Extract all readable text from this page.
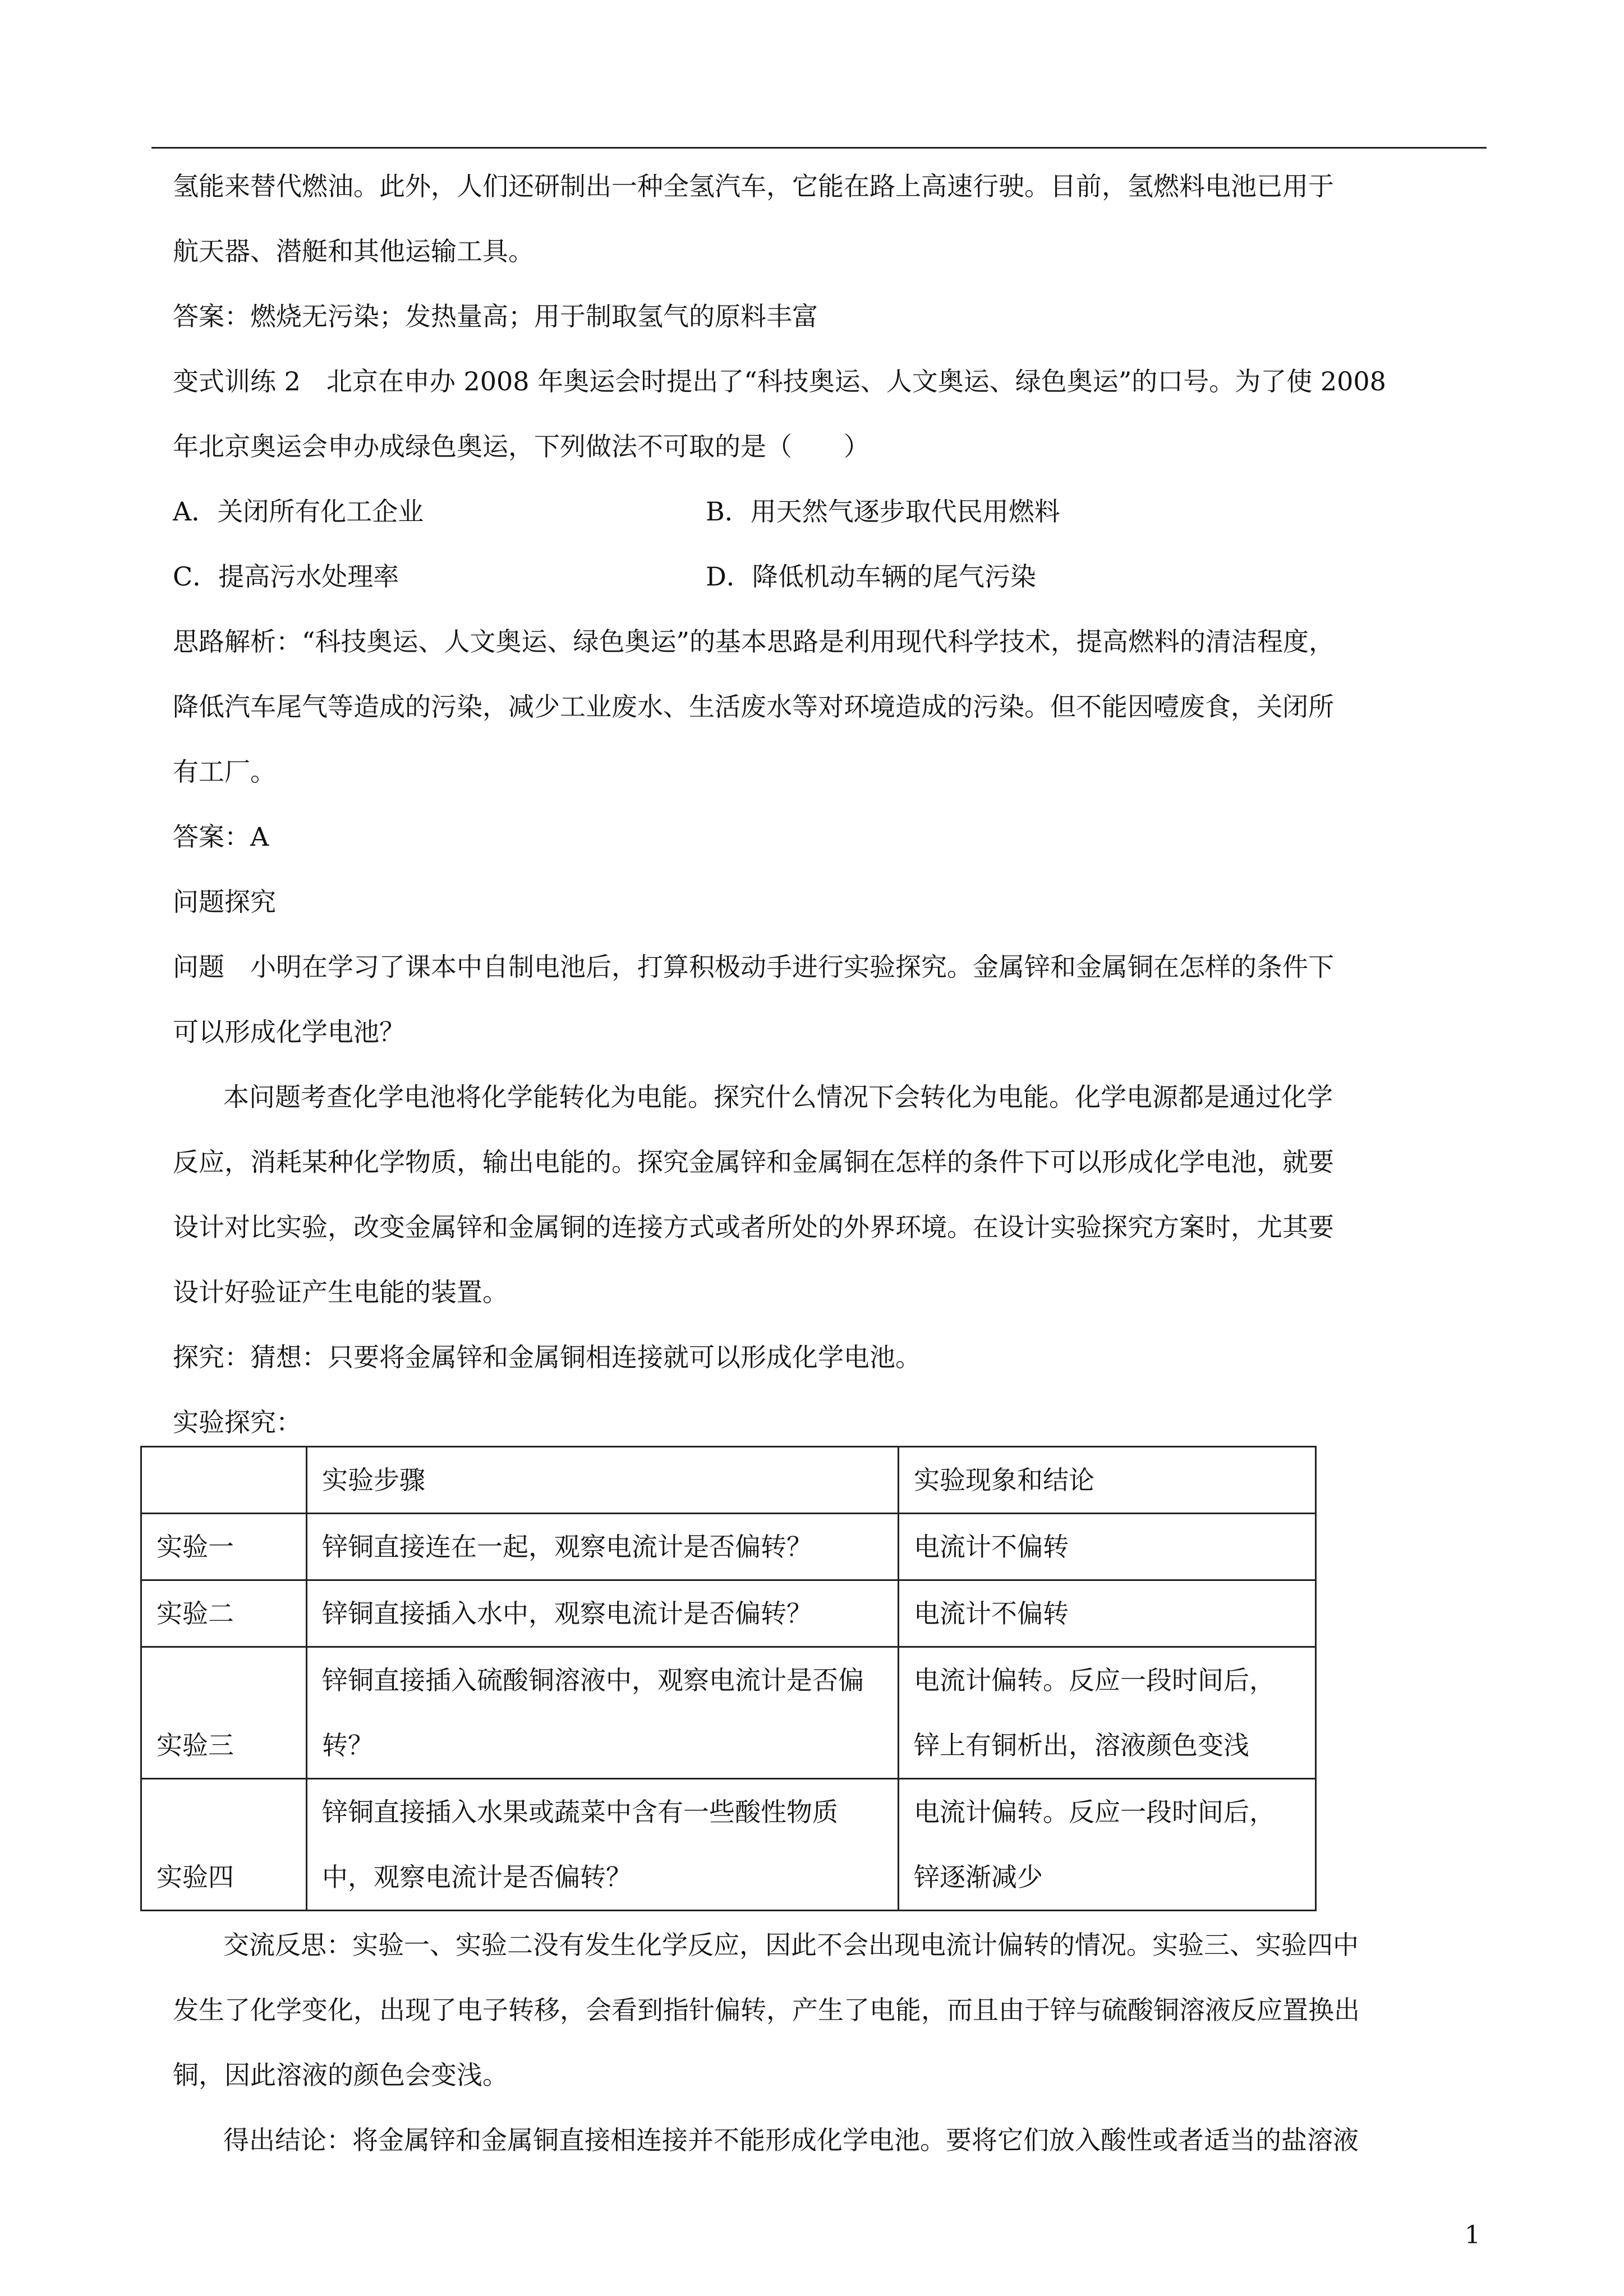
氢能来替代燃油。此外，人们还研制出一种全氢汽车，它能在路上高速行驶。目前，氢燃料电池已用于
航天器、潜艇和其他运输工具。
答案：燃烧无污染；发热量高；用于制取氢气的原料丰富
变式训练 2　北京在申办 2008 年奥运会时提出了“科技奥运、人文奥运、绿色奥运”的口号。为了使 2008
年北京奥运会申办成绿色奥运，下列做法不可取的是（　　）
A．关闭所有化工企业	B．用天然气逐步取代民用燃料
C．提高污水处理率	D．降低机动车辆的尾气污染
思路解析：“科技奥运、人文奥运、绿色奥运”的基本思路是利用现代科学技术，提高燃料的清洁程度，
降低汽车尾气等造成的污染，减少工业废水、生活废水等对环境造成的污染。但不能因噎废食，关闭所
有工厂。
答案：A
问题探究
问题　小明在学习了课本中自制电池后，打算积极动手进行实验探究。金属锌和金属铜在怎样的条件下
可以形成化学电池？
本问题考查化学电池将化学能转化为电能。探究什么情况下会转化为电能。化学电源都是通过化学
反应，消耗某种化学物质，输出电能的。探究金属锌和金属铜在怎样的条件下可以形成化学电池，就要
设计对比实验，改变金属锌和金属铜的连接方式或者所处的外界环境。在设计实验探究方案时，尤其要
设计好验证产生电能的装置。
探究：猜想：只要将金属锌和金属铜相连接就可以形成化学电池。
实验探究：
	实验步骤	实验现象和结论
实验一	锌铜直接连在一起，观察电流计是否偏转？	电流计不偏转
实验二	锌铜直接插入水中，观察电流计是否偏转？	电流计不偏转
实验三	锌铜直接插入硫酸铜溶液中，观察电流计是否偏转？	电流计偏转。反应一段时间后，锌上有铜析出，溶液颜色变浅
实验四	锌铜直接插入水果或蔬菜中含有一些酸性物质中，观察电流计是否偏转？	电流计偏转。反应一段时间后，锌逐渐减少
交流反思：实验一、实验二没有发生化学反应，因此不会出现电流计偏转的情况。实验三、实验四中
发生了化学变化，出现了电子转移，会看到指针偏转，产生了电能，而且由于锌与硫酸铜溶液反应置换出
铜，因此溶液的颜色会变浅。
得出结论：将金属锌和金属铜直接相连接并不能形成化学电池。要将它们放入酸性或者适当的盐溶液
1
